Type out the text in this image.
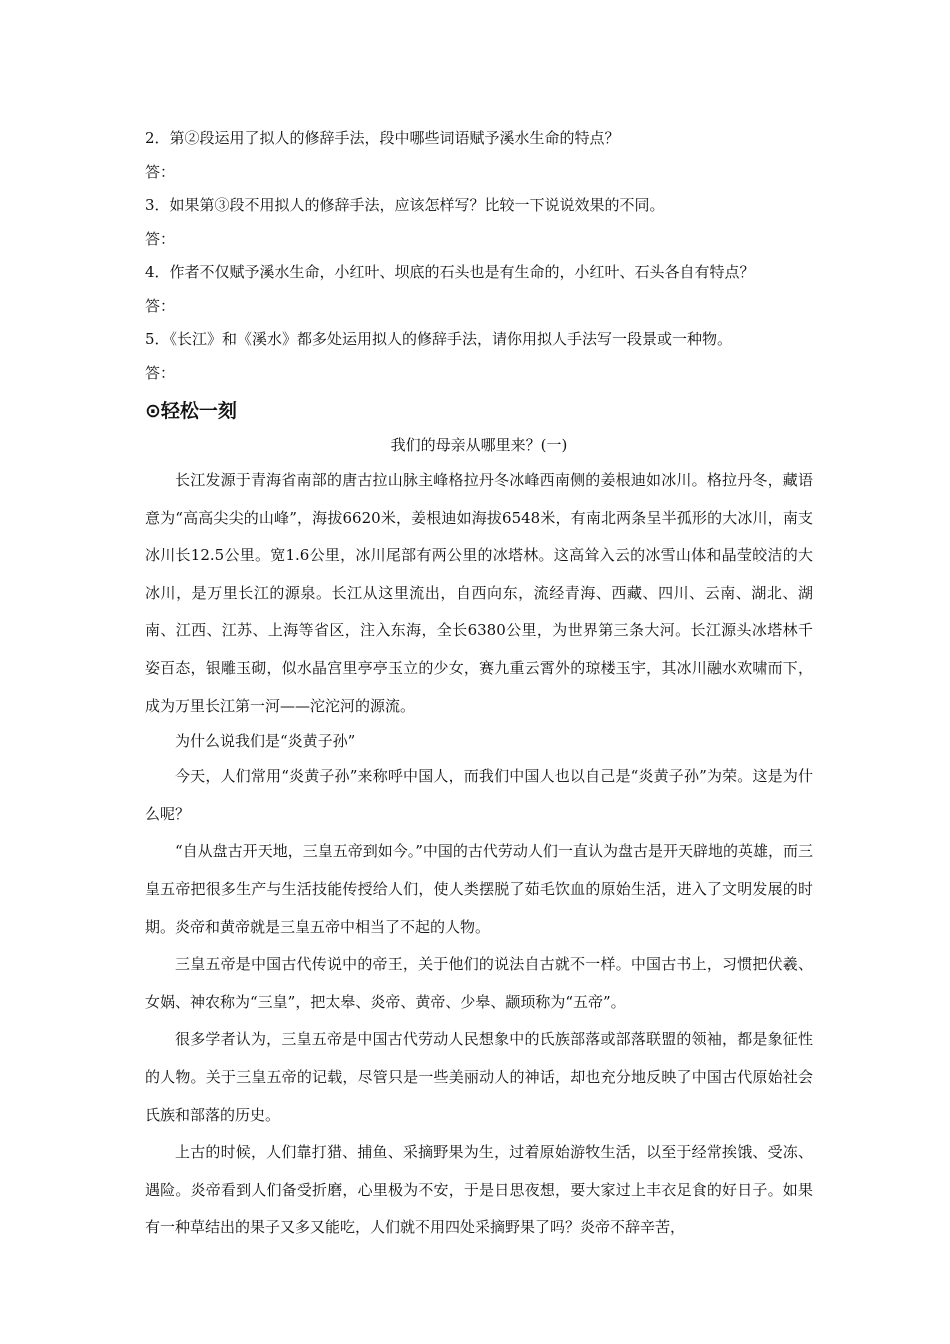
2．第②段运用了拟人的修辞手法，段中哪些词语赋予溪水生命的特点？
答：
3．如果第③段不用拟人的修辞手法，应该怎样写？比较一下说说效果的不同。
答：
4．作者不仅赋予溪水生命，小红叶、坝底的石头也是有生命的，小红叶、石头各自有特点？
答：
5．《长江》和《溪水》都多处运用拟人的修辞手法，请你用拟人手法写一段景或一种物。
答：
⊙轻松一刻
我们的母亲从哪里来？(一)

长江发源于青海省南部的唐古拉山脉主峰格拉丹冬冰峰西南侧的姜根迪如冰川。格拉丹冬，藏语意为“高高尖尖的山峰”，海拔6620米，姜根迪如海拔6548米，有南北两条呈半孤形的大冰川，南支冰川长12.5公里。宽1.6公里，冰川尾部有两公里的冰塔林。这高耸入云的冰雪山体和晶莹皎洁的大冰川，是万里长江的源泉。长江从这里流出，自西向东，流经青海、西藏、四川、云南、湖北、湖南、江西、江苏、上海等省区，注入东海，全长6380公里，为世界第三条大河。长江源头冰塔林千姿百态，银雕玉砌，似水晶宫里亭亭玉立的少女，赛九重云霄外的琼楼玉宇，其冰川融水欢啸而下，成为万里长江第一河——沱沱河的源流。

为什么说我们是“炎黄子孙”

今天，人们常用“炎黄子孙”来称呼中国人，而我们中国人也以自己是“炎黄子孙”为荣。这是为什么呢？

“自从盘古开天地，三皇五帝到如今。”中国的古代劳动人们一直认为盘古是开天辟地的英雄，而三皇五帝把很多生产与生活技能传授给人们，使人类摆脱了茹毛饮血的原始生活，进入了文明发展的时期。炎帝和黄帝就是三皇五帝中相当了不起的人物。

三皇五帝是中国古代传说中的帝王，关于他们的说法自古就不一样。中国古书上，习惯把伏羲、女娲、神农称为“三皇”，把太皋、炎帝、黄帝、少皋、颛顼称为“五帝”。

很多学者认为，三皇五帝是中国古代劳动人民想象中的氏族部落或部落联盟的领袖，都是象征性的人物。关于三皇五帝的记载，尽管只是一些美丽动人的神话，却也充分地反映了中国古代原始社会氏族和部落的历史。

上古的时候，人们靠打猎、捕鱼、采摘野果为生，过着原始游牧生活，以至于经常挨饿、受冻、遇险。炎帝看到人们备受折磨，心里极为不安，于是日思夜想，要大家过上丰衣足食的好日子。如果有一种草结出的果子又多又能吃，人们就不用四处采摘野果了吗？炎帝不辞辛苦，
